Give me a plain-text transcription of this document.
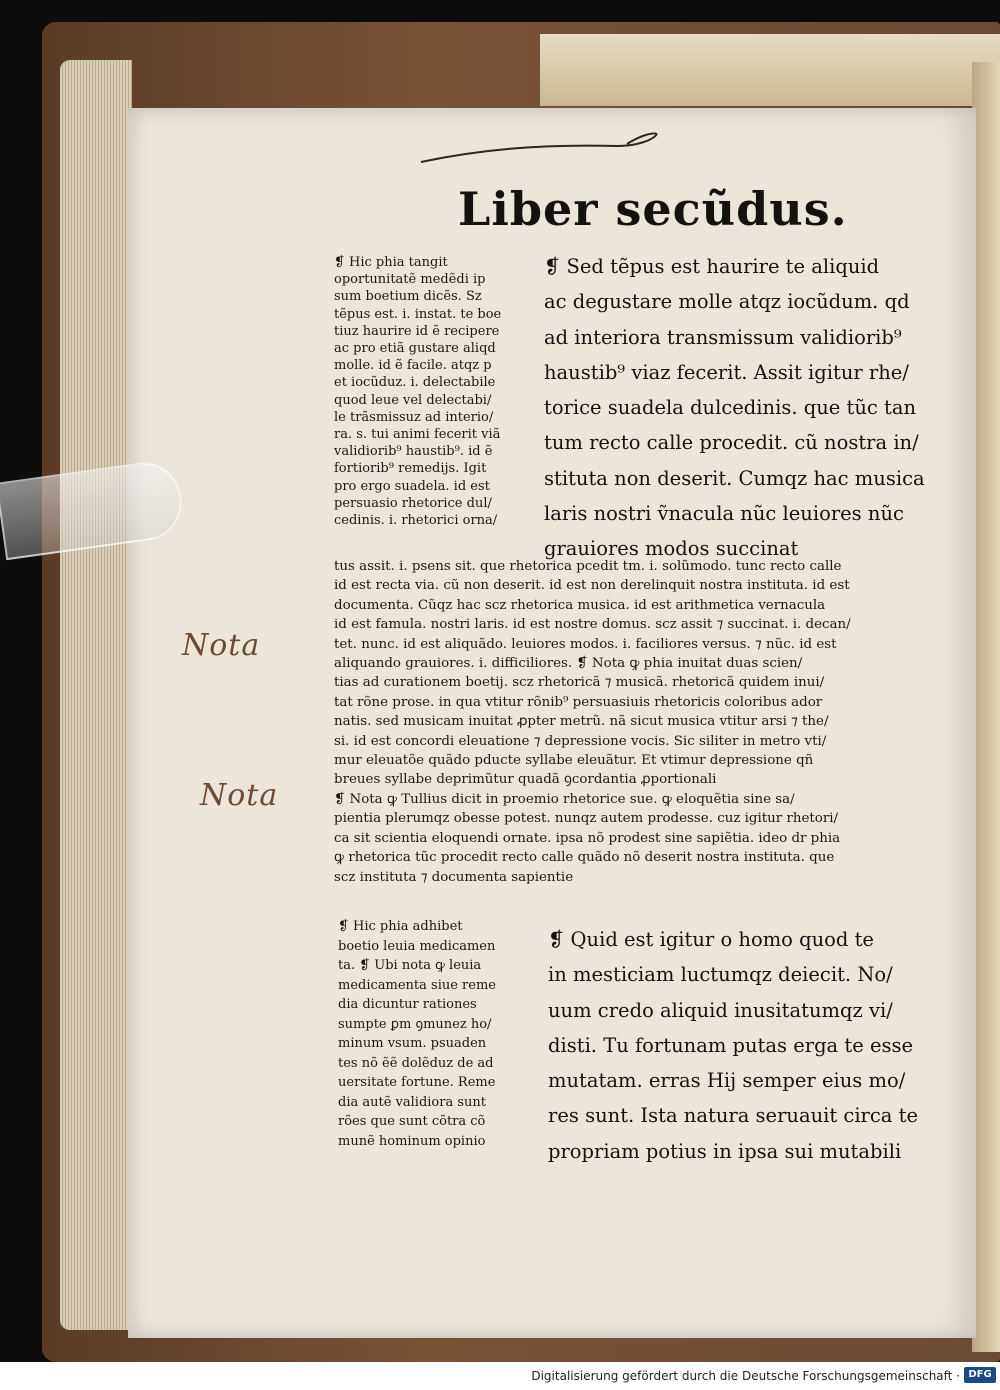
Liber secũdus.
❡ Hic phia tangit
oportunitatẽ medẽdi ip
sum boetium dicẽs. Sz
tẽpus est. i. instat. te boe
tiuz haurire id ẽ recipere
ac pro etiã gustare aliqd
molle. id ẽ facile. atqz p
et iocũduz. i. delectabile
quod leue vel delectabi/
le trãsmissuz ad interio/
ra. s. tui animi fecerit viã
validiorib⁹ haustib⁹. id ẽ
fortiorib⁹ remedijs. Igit
pro ergo suadela. id est
persuasio rhetorice dul/
cedinis. i. rhetorici orna/
❡ Sed tẽpus est haurire te aliquid
ac degustare molle atqz iocũdum. qd
ad interiora transmissum validiorib⁹
haustib⁹ viaz fecerit. Assit igitur rhe/
torice suadela dulcedinis. que tũc tan
tum recto calle procedit. cũ nostra in/
stituta non deserit. Cumqz hac musica
laris nostri ṽnacula nũc leuiores nũc
grauiores modos succinat
tus assit. i. psens sit. que rhetorica pcedit tm. i. solũmodo. tunc recto calle
id est recta via. cũ non deserit. id est non derelinquit nostra instituta. id est
documenta. Cũqz hac scz rhetorica musica. id est arithmetica vernacula
id est famula. nostri laris. id est nostre domus. scz assit ⁊ succinat. i. decan/
tet. nunc. id est aliquãdo. leuiores modos. i. faciliores versus. ⁊ nũc. id est
aliquando grauiores. i. difficiliores. ❡ Nota ꝙ phia inuitat duas scien/
tias ad curationem boetij. scz rhetoricã ⁊ musicã. rhetoricã quidem inui/
tat rõne prose. in qua vtitur rõnib⁹ persuasiuis rhetoricis coloribus ador
natis. sed musicam inuitat ꝓpter metrũ. nã sicut musica vtitur arsi ⁊ the/
si. id est concordi eleuatione ⁊ depressione vocis. Sic siliter in metro vti/
mur eleuatõe quãdo pducte syllabe eleuãtur. Et vtimur depressione qñ
breues syllabe deprimũtur quadã ꝯcordantia ꝓportionali
❡ Nota ꝙ Tullius dicit in proemio rhetorice sue. ꝙ eloquẽtia sine sa/
pientia plerumqz obesse potest. nunqz autem prodesse. cuz igitur rhetori/
ca sit scientia eloquendi ornate. ipsa nõ prodest sine sapiẽtia. ideo dr phia
ꝙ rhetorica tũc procedit recto calle quãdo nõ deserit nostra instituta. que
scz instituta ⁊ documenta sapientie
❡ Hic phia adhibet
boetio leuia medicamen
ta. ❡ Ubi nota ꝙ leuia
medicamenta siue reme
dia dicuntur rationes
sumpte ꝑm ꝯmunez ho/
minum vsum. psuaden
tes nõ ẽẽ dolẽduz de ad
uersitate fortune. Reme
dia autẽ validiora sunt
rões que sunt cõtra cõ
munẽ hominum opinio
❡ Quid est igitur o homo quod te
in mesticiam luctumqz deiecit. No/
uum credo aliquid inusitatumqz vi/
disti. Tu fortunam putas erga te esse
mutatam. erras Hij semper eius mo/
res sunt. Ista natura seruauit circa te
propriam potius in ipsa sui mutabili
Nota
Nota
Digitalisierung gefördert durch die Deutsche Forschungsgemeinschaft · DFG
